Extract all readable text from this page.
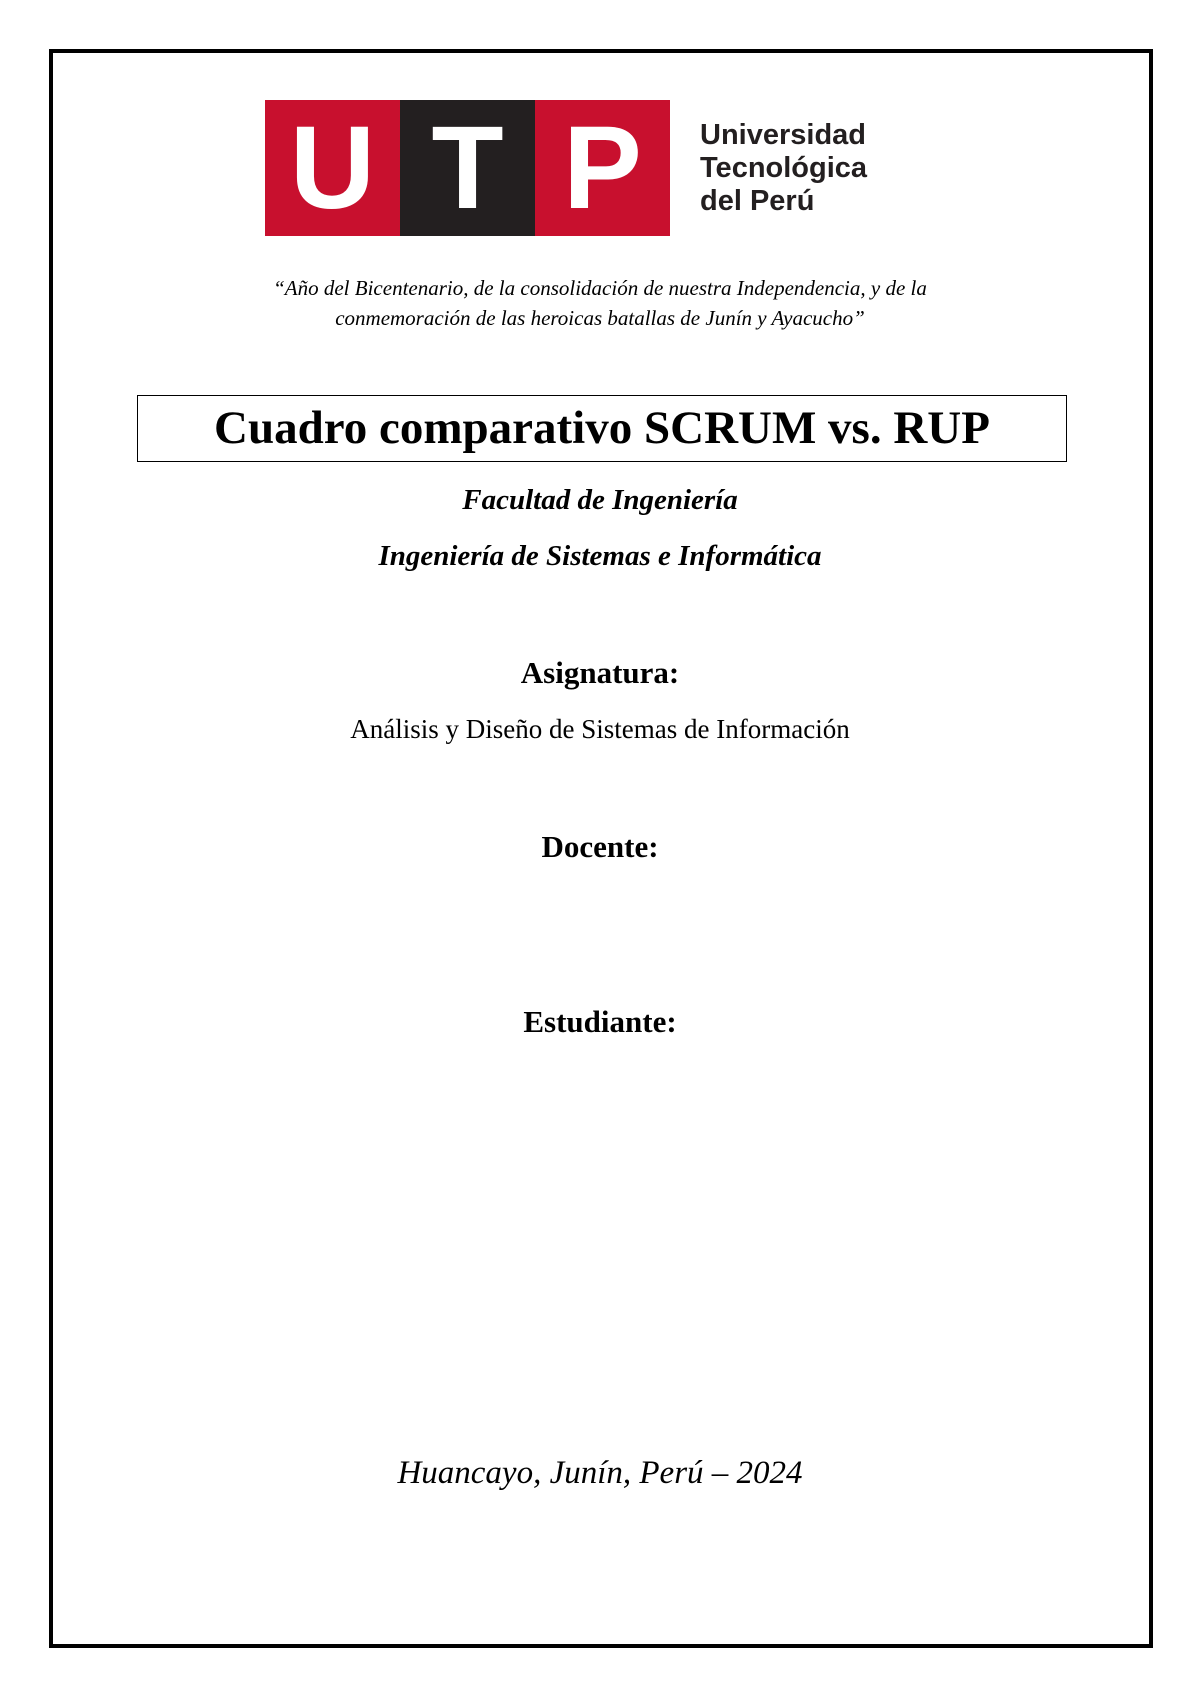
U T P Universidad
Tecnológica
del Perú
“Año del Bicentenario, de la consolidación de nuestra Independencia, y de la
conmemoración de las heroicas batallas de Junín y Ayacucho”
Cuadro comparativo SCRUM vs. RUP
Facultad de Ingeniería
Ingeniería de Sistemas e Informática
Asignatura:
Análisis y Diseño de Sistemas de Información
Docente:
Estudiante:
Huancayo, Junín, Perú – 2024
